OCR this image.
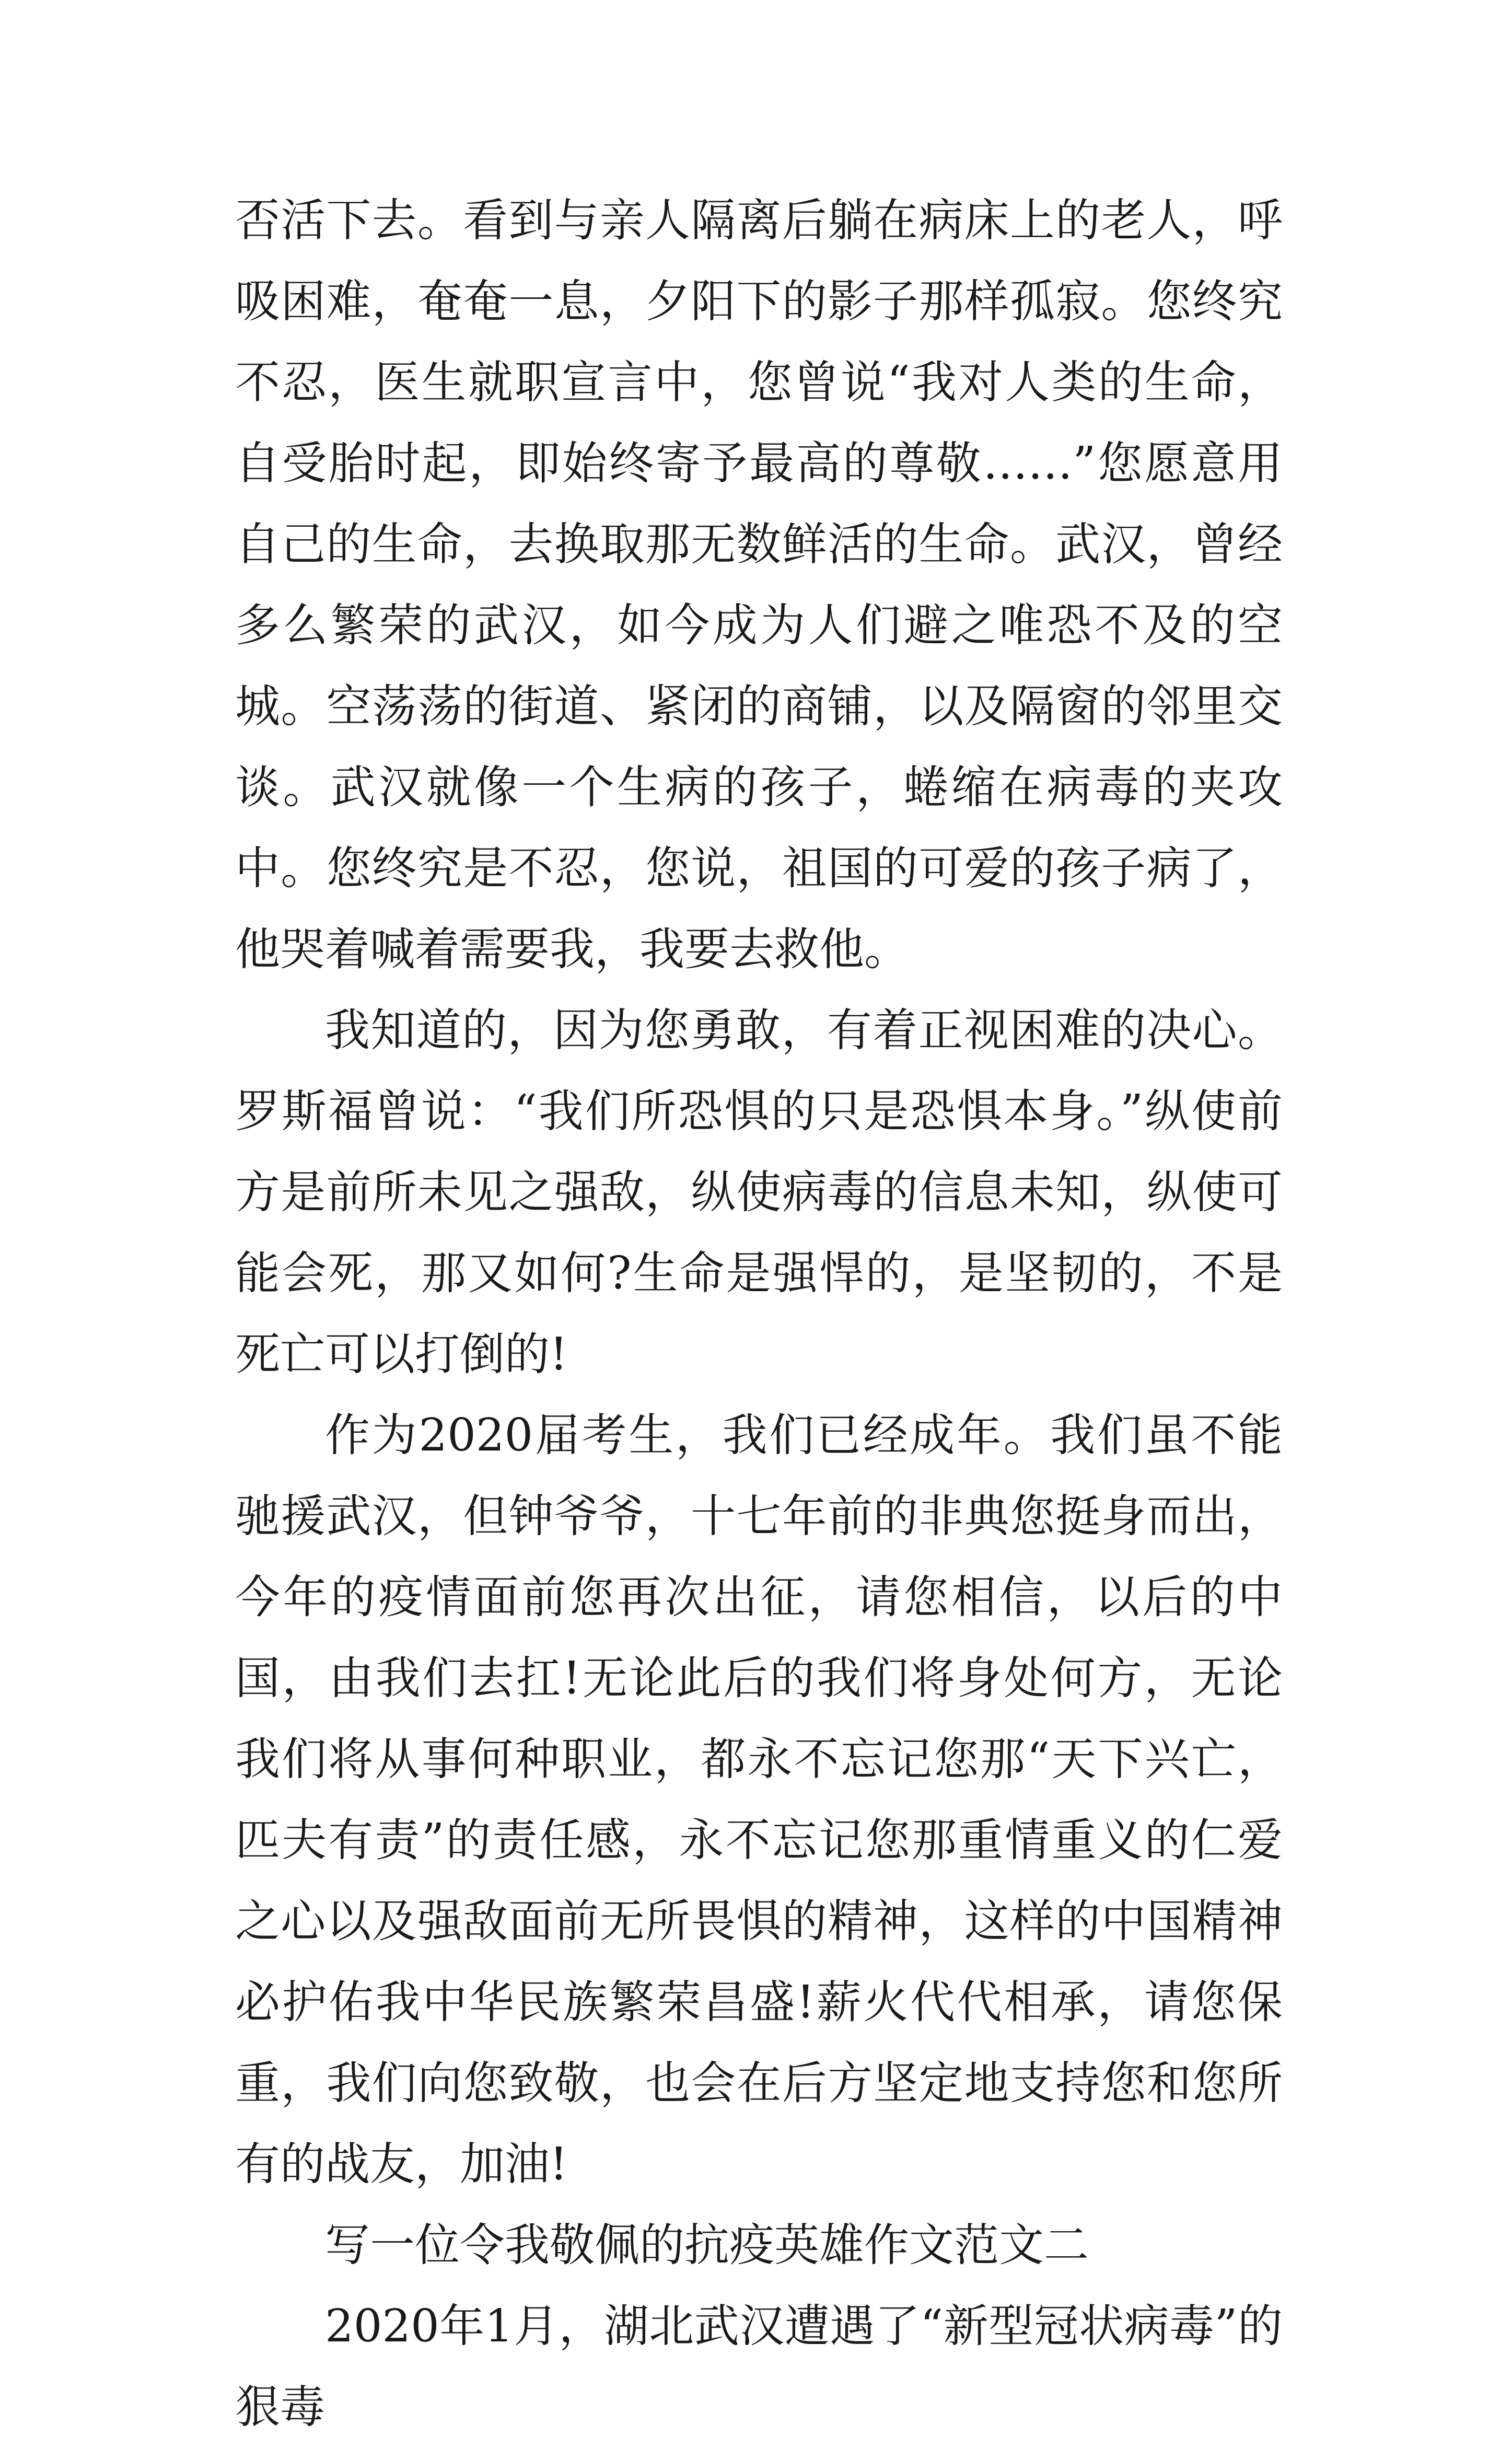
否活下去。看到与亲人隔离后躺在病床上的老人，呼吸困难，奄奄一息，夕阳下的影子那样孤寂。您终究不忍，医生就职宣言中，您曾说“我对人类的生命，自受胎时起，即始终寄予最高的尊敬……”您愿意用自己的生命，去换取那无数鲜活的生命。武汉，曾经多么繁荣的武汉，如今成为人们避之唯恐不及的空城。空荡荡的街道、紧闭的商铺，以及隔窗的邻里交谈。武汉就像一个生病的孩子，蜷缩在病毒的夹攻中。您终究是不忍，您说，祖国的可爱的孩子病了，他哭着喊着需要我，我要去救他。

我知道的，因为您勇敢，有着正视困难的决心。罗斯福曾说：“我们所恐惧的只是恐惧本身。”纵使前方是前所未见之强敌，纵使病毒的信息未知，纵使可能会死，那又如何?生命是强悍的，是坚韧的，不是死亡可以打倒的!

作为2020届考生，我们已经成年。我们虽不能驰援武汉，但钟爷爷，十七年前的非典您挺身而出，今年的疫情面前您再次出征，请您相信，以后的中国，由我们去扛!无论此后的我们将身处何方，无论我们将从事何种职业，都永不忘记您那“天下兴亡，匹夫有责”的责任感，永不忘记您那重情重义的仁爱之心以及强敌面前无所畏惧的精神，这样的中国精神必护佑我中华民族繁荣昌盛!薪火代代相承，请您保重，我们向您致敬，也会在后方坚定地支持您和您所有的战友，加油!

写一位令我敬佩的抗疫英雄作文范文二

2020年1月，湖北武汉遭遇了“新型冠状病毒”的狠毒
